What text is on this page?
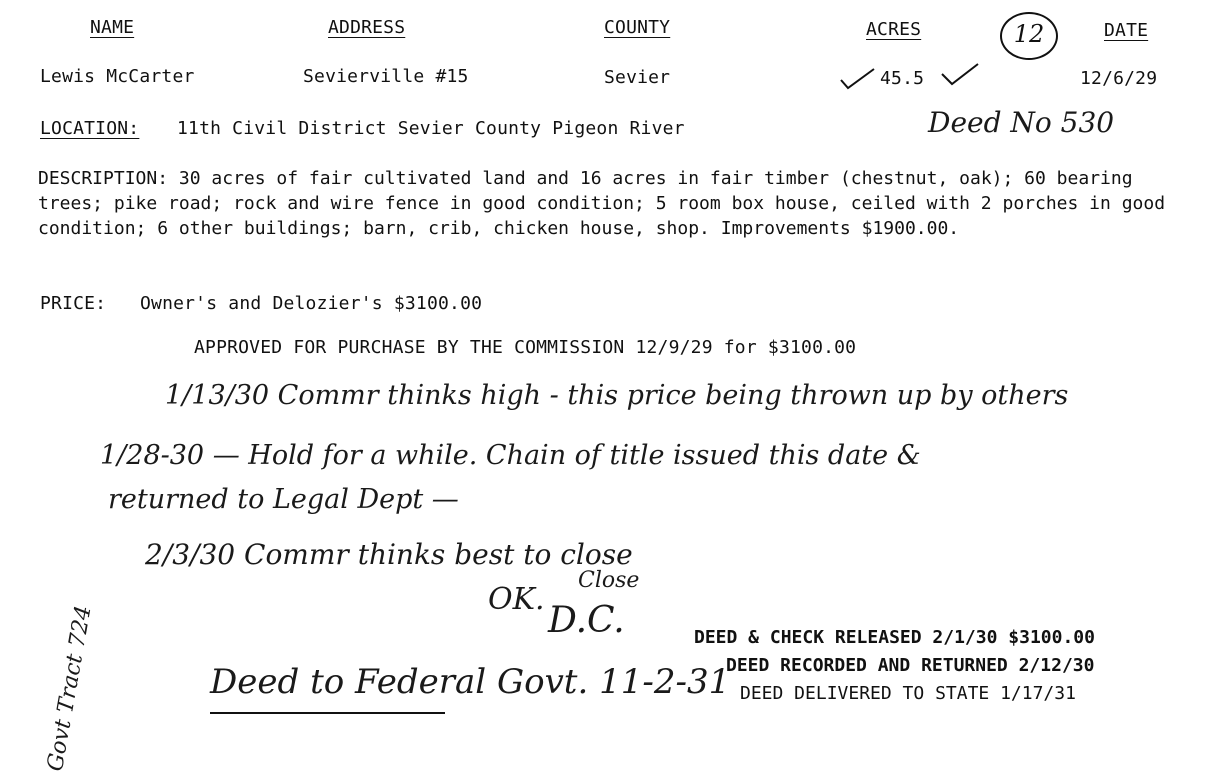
NAME	ADDRESS	COUNTY	ACRES	12	DATE
Lewis McCarter	Sevierville #15	Sevier	45.5	12/6/29
LOCATION: 11th Civil District Sevier County Pigeon River	Deed No 530
DESCRIPTION: 30 acres of fair cultivated land and 16 acres in fair timber (chestnut, oak); 60 bearing trees; pike road; rock and wire fence in good condition; 5 room box house, ceiled with 2 porches in good condition; 6 other buildings; barn, crib, chicken house, shop. Improvements $1900.00.
PRICE: Owner's and Delozier's $3100.00
APPROVED FOR PURCHASE BY THE COMMISSION 12/9/29 for $3100.00
1/13/30 Commr thinks high - this price being thrown up by others
1/28-30 — Hold for a while. Chain of title issued this date &
returned to Legal Dept —
2/3/30 Commr thinks best to close
OK.
Close
D.C.
Deed to Federal Govt. 11-2-31
Govt Tract 724	DEED & CHECK RELEASED 2/1/30 $3100.00
DEED RECORDED AND RETURNED 2/12/30
DEED DELIVERED TO STATE 1/17/31
